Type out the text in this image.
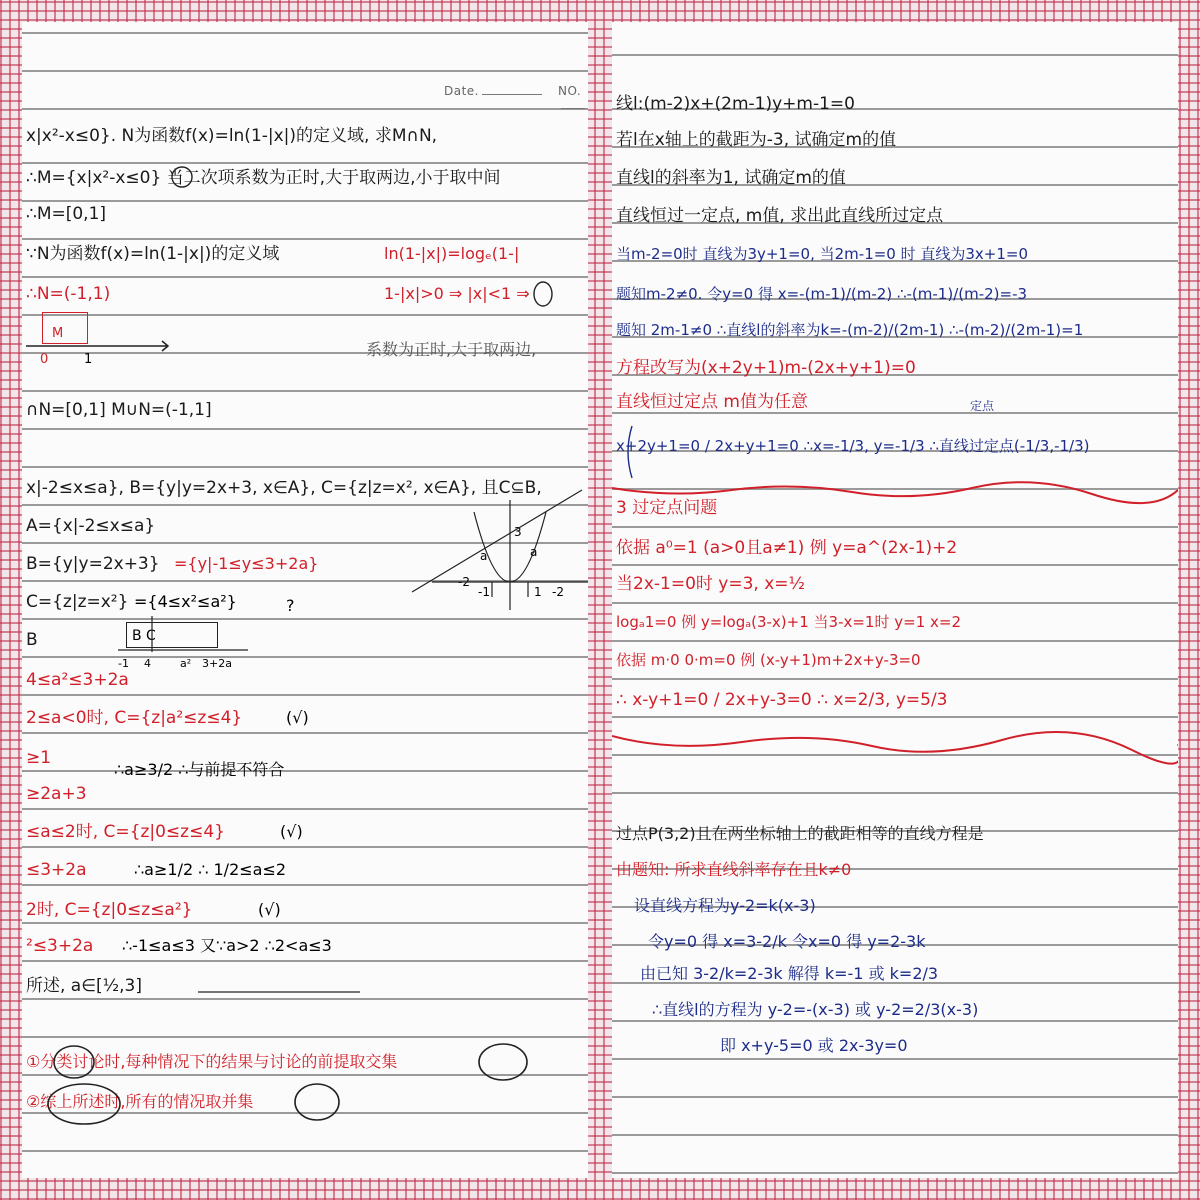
Date.	NO.
x|x²-x≤0}. N为函数f(x)=ln(1-|x|)的定义域, 求M∩N,
∴M={x|x²-x≤0} 当二次项系数为正时,大于取两边,小于取中间
∴M=[0,1]
∵N为函数f(x)=ln(1-|x|)的定义域	ln(1-|x|)=logₑ(1-|
∴N=(-1,1)	1-|x|>0 ⇒ |x|<1 ⇒
M
0	1
系数为正时,大于取两边,
∩N=[0,1] M∪N=(-1,1]
x|-2≤x≤a}, B={y|y=2x+3, x∈A}, C={z|z=x², x∈A}, 且C⊆B,
A={x|-2≤x≤a}
B={y|y=2x+3} ={y|-1≤y≤3+2a}
C={z|z=x²} ={4≤x²≤a²}	?
B	B C
-1 4	a² 3+2a
4≤a²≤3+2a
2≤a<0时, C={z|a²≤z≤4}	(√)
≥1
∴a≥3/2 ∴与前提不符合
≥2a+3
≤a≤2时, C={z|0≤z≤4}	(√)
≤3+2a	∴a≥1/2 ∴ 1/2≤a≤2
2时, C={z|0≤z≤a²}	(√)
²≤3+2a ∴-1≤a≤3 又∵a>2 ∴2<a≤3
所述, a∈[½,3]
①分类讨论时,每种情况下的结果与讨论的前提取交集
②综上所述时,所有的情况取并集
-2
-1	1 -2
a	a
3
线l:(m-2)x+(2m-1)y+m-1=0
若l在x轴上的截距为-3, 试确定m的值
直线l的斜率为1, 试确定m的值
直线恒过一定点, m值, 求出此直线所过定点
当m-2=0时 直线为3y+1=0, 当2m-1=0 时 直线为3x+1=0
题知m-2≠0. 令y=0 得 x=-(m-1)/(m-2) ∴-(m-1)/(m-2)=-3
题知 2m-1≠0 ∴直线l的斜率为k=-(m-2)/(2m-1) ∴-(m-2)/(2m-1)=1
方程改写为(x+2y+1)m-(2x+y+1)=0
直线恒过定点 m值为任意	定点
x+2y+1=0 / 2x+y+1=0 ∴x=-1/3, y=-1/3 ∴直线过定点(-1/3,-1/3)
3 过定点问题
依据 a⁰=1 (a>0且a≠1) 例 y=a^(2x-1)+2
当2x-1=0时 y=3, x=½
logₐ1=0 例 y=logₐ(3-x)+1 当3-x=1时 y=1 x=2
依据 m·0 0·m=0 例 (x-y+1)m+2x+y-3=0
∴ x-y+1=0 / 2x+y-3=0 ∴ x=2/3, y=5/3
过点P(3,2)且在两坐标轴上的截距相等的直线方程是
由题知: 所求直线斜率存在且k≠0
设直线方程为y-2=k(x-3)
令y=0 得 x=3-2/k 令x=0 得 y=2-3k
由已知 3-2/k=2-3k 解得 k=-1 或 k=2/3
∴直线l的方程为 y-2=-(x-3) 或 y-2=2/3(x-3)
即 x+y-5=0 或 2x-3y=0
